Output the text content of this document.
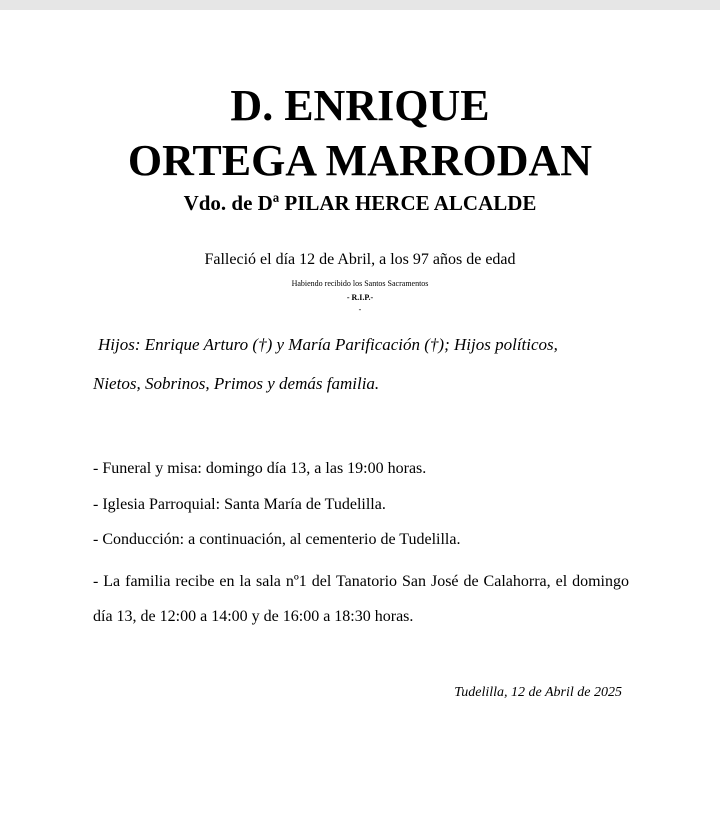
D. ENRIQUE
ORTEGA MARRODAN
Vdo. de Dª PILAR HERCE ALCALDE
Falleció el día 12 de Abril, a los 97 años de edad
Habiendo recibido los Santos Sacramentos
- R.I.P.-
-
Hijos: Enrique Arturo (†) y María Parificación (†); Hijos políticos,
Nietos, Sobrinos, Primos y demás familia.
- Funeral y misa: domingo día 13, a las 19:00 horas.
- Iglesia Parroquial: Santa María de Tudelilla.
- Conducción: a continuación, al cementerio de Tudelilla.
- La familia recibe en la sala nº1 del Tanatorio San José de Calahorra, el domingo día 13, de 12:00 a 14:00 y de 16:00 a 18:30 horas.
Tudelilla, 12 de Abril de 2025
